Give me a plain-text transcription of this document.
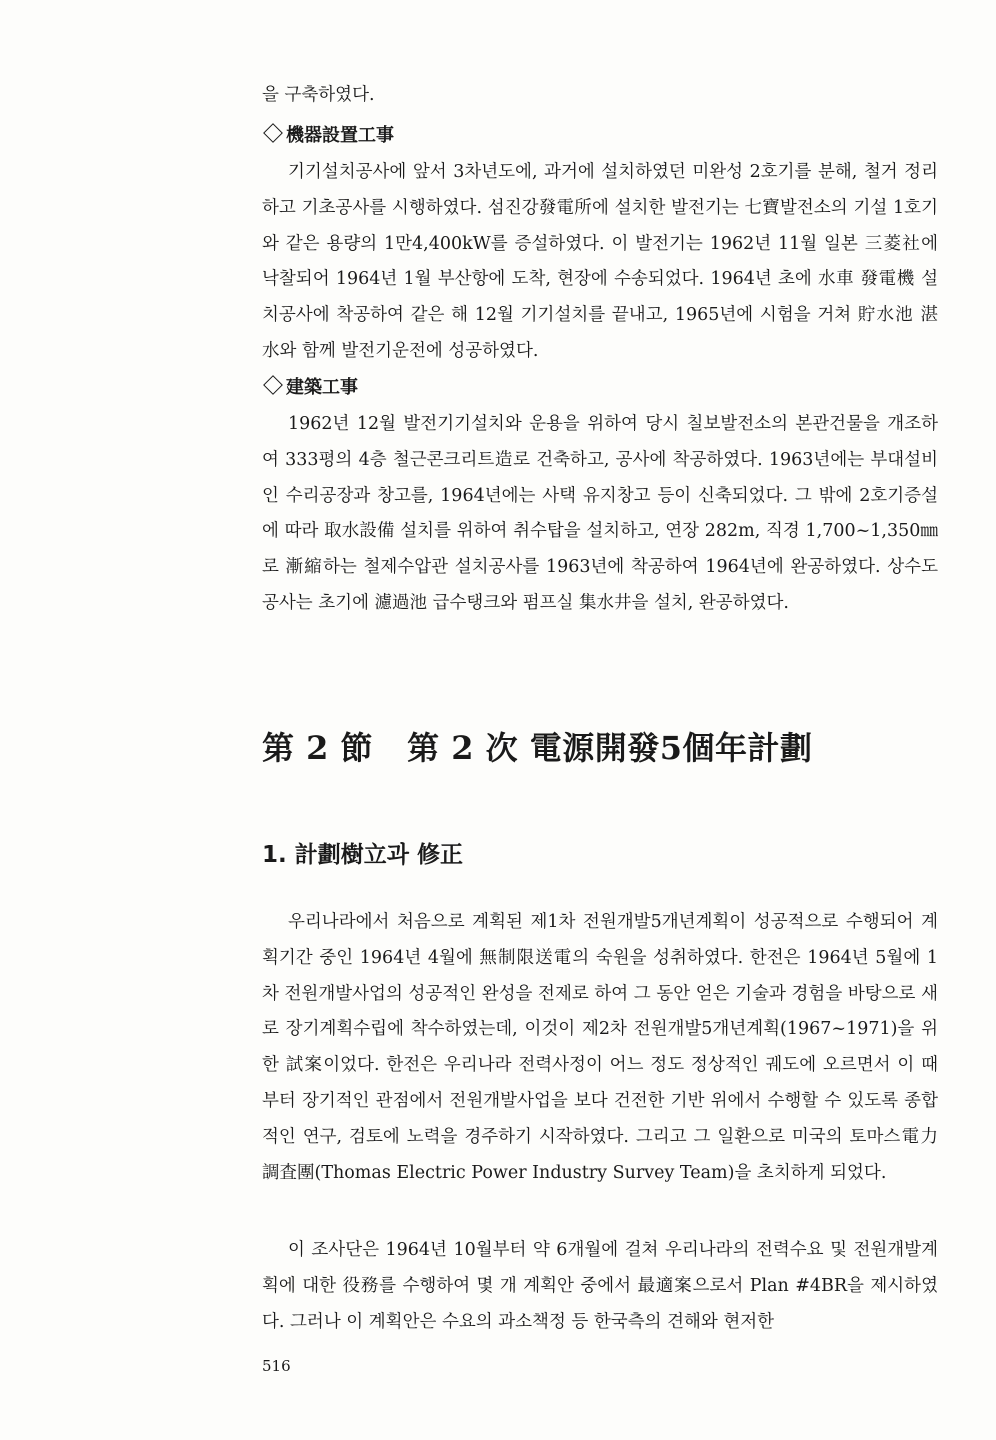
을 구축하였다.

機器設置工事

기기설치공사에 앞서 3차년도에, 과거에 설치하였던 미완성 2호기를 분해, 철거 정리하고 기초공사를 시행하였다. 섬진강發電所에 설치한 발전기는 七寶발전소의 기설 1호기와 같은 용량의 1만4,400kW를 증설하였다. 이 발전기는 1962년 11월 일본 三菱社에 낙찰되어 1964년 1월 부산항에 도착, 현장에 수송되었다. 1964년 초에 水車 發電機 설치공사에 착공하여 같은 해 12월 기기설치를 끝내고, 1965년에 시험을 거쳐 貯水池 湛水와 함께 발전기운전에 성공하였다.

建築工事

1962년 12월 발전기기설치와 운용을 위하여 당시 칠보발전소의 본관건물을 개조하여 333평의 4층 철근콘크리트造로 건축하고, 공사에 착공하였다. 1963년에는 부대설비인 수리공장과 창고를, 1964년에는 사택 유지창고 등이 신축되었다. 그 밖에 2호기증설에 따라 取水設備 설치를 위하여 취수탑을 설치하고, 연장 282m, 직경 1,700~1,350㎜로 漸縮하는 철제수압관 설치공사를 1963년에 착공하여 1964년에 완공하였다. 상수도공사는 초기에 濾過池 급수탱크와 펌프실 集水井을 설치, 완공하였다.

第 2 節 第 2 次 電源開發5個年計劃
1. 計劃樹立과 修正

우리나라에서 처음으로 계획된 제1차 전원개발5개년계획이 성공적으로 수행되어 계획기간 중인 1964년 4월에 無制限送電의 숙원을 성취하였다. 한전은 1964년 5월에 1차 전원개발사업의 성공적인 완성을 전제로 하여 그 동안 얻은 기술과 경험을 바탕으로 새로 장기계획수립에 착수하였는데, 이것이 제2차 전원개발5개년계획(1967~1971)을 위한 試案이었다. 한전은 우리나라 전력사정이 어느 정도 정상적인 궤도에 오르면서 이 때부터 장기적인 관점에서 전원개발사업을 보다 건전한 기반 위에서 수행할 수 있도록 종합적인 연구, 검토에 노력을 경주하기 시작하였다. 그리고 그 일환으로 미국의 토마스電力調査團(Thomas Electric Power Industry Survey Team)을 초치하게 되었다.

이 조사단은 1964년 10월부터 약 6개월에 걸쳐 우리나라의 전력수요 및 전원개발계획에 대한 役務를 수행하여 몇 개 계획안 중에서 最適案으로서 Plan #4BR을 제시하였다. 그러나 이 계획안은 수요의 과소책정 등 한국측의 견해와 현저한

516
